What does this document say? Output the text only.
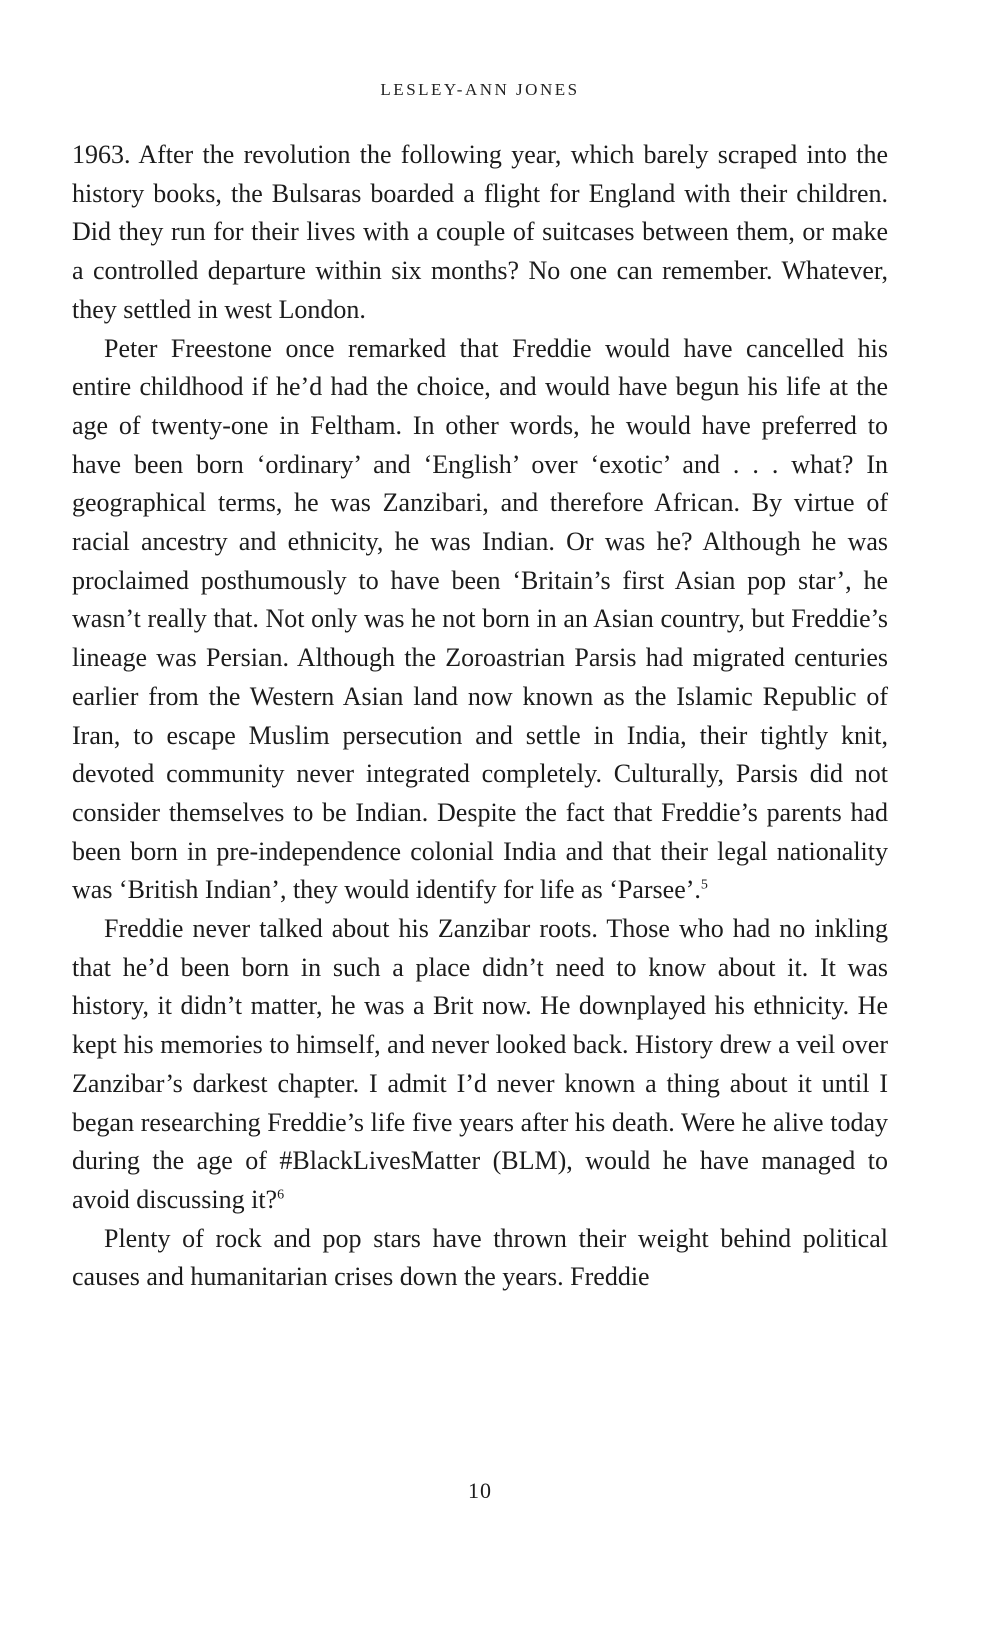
LESLEY-ANN JONES

1963. After the revolution the following year, which barely scraped into the history books, the Bulsaras boarded a flight for England with their children. Did they run for their lives with a couple of suitcases between them, or make a controlled departure within six months? No one can remember. Whatever, they settled in west London.

Peter Freestone once remarked that Freddie would have cancelled his entire childhood if he’d had the choice, and would have begun his life at the age of twenty-one in Feltham. In other words, he would have preferred to have been born ‘ordinary’ and ‘English’ over ‘exotic’ and . . . what? In geographical terms, he was Zanzibari, and therefore African. By virtue of racial ancestry and ethnicity, he was Indian. Or was he? Although he was proclaimed posthumously to have been ‘Britain’s first Asian pop star’, he wasn’t really that. Not only was he not born in an Asian country, but Freddie’s lineage was Persian. Although the Zoroastrian Parsis had migrated centuries earlier from the Western Asian land now known as the Islamic Republic of Iran, to escape Muslim persecution and settle in India, their tightly knit, devoted community never integrated completely. Culturally, Parsis did not consider themselves to be Indian. Despite the fact that Freddie’s parents had been born in pre-independence colonial India and that their legal nationality was ‘British Indian’, they would identify for life as ‘Parsee’.$^5$

Freddie never talked about his Zanzibar roots. Those who had no inkling that he’d been born in such a place didn’t need to know about it. It was history, it didn’t matter, he was a Brit now. He downplayed his ethnicity. He kept his memories to himself, and never looked back. History drew a veil over Zanzibar’s darkest chapter. I admit I’d never known a thing about it until I began researching Freddie’s life five years after his death. Were he alive today during the age of #BlackLivesMatter (BLM), would he have managed to avoid discussing it?$^6$

Plenty of rock and pop stars have thrown their weight behind political causes and humanitarian crises down the years. Freddie

10
